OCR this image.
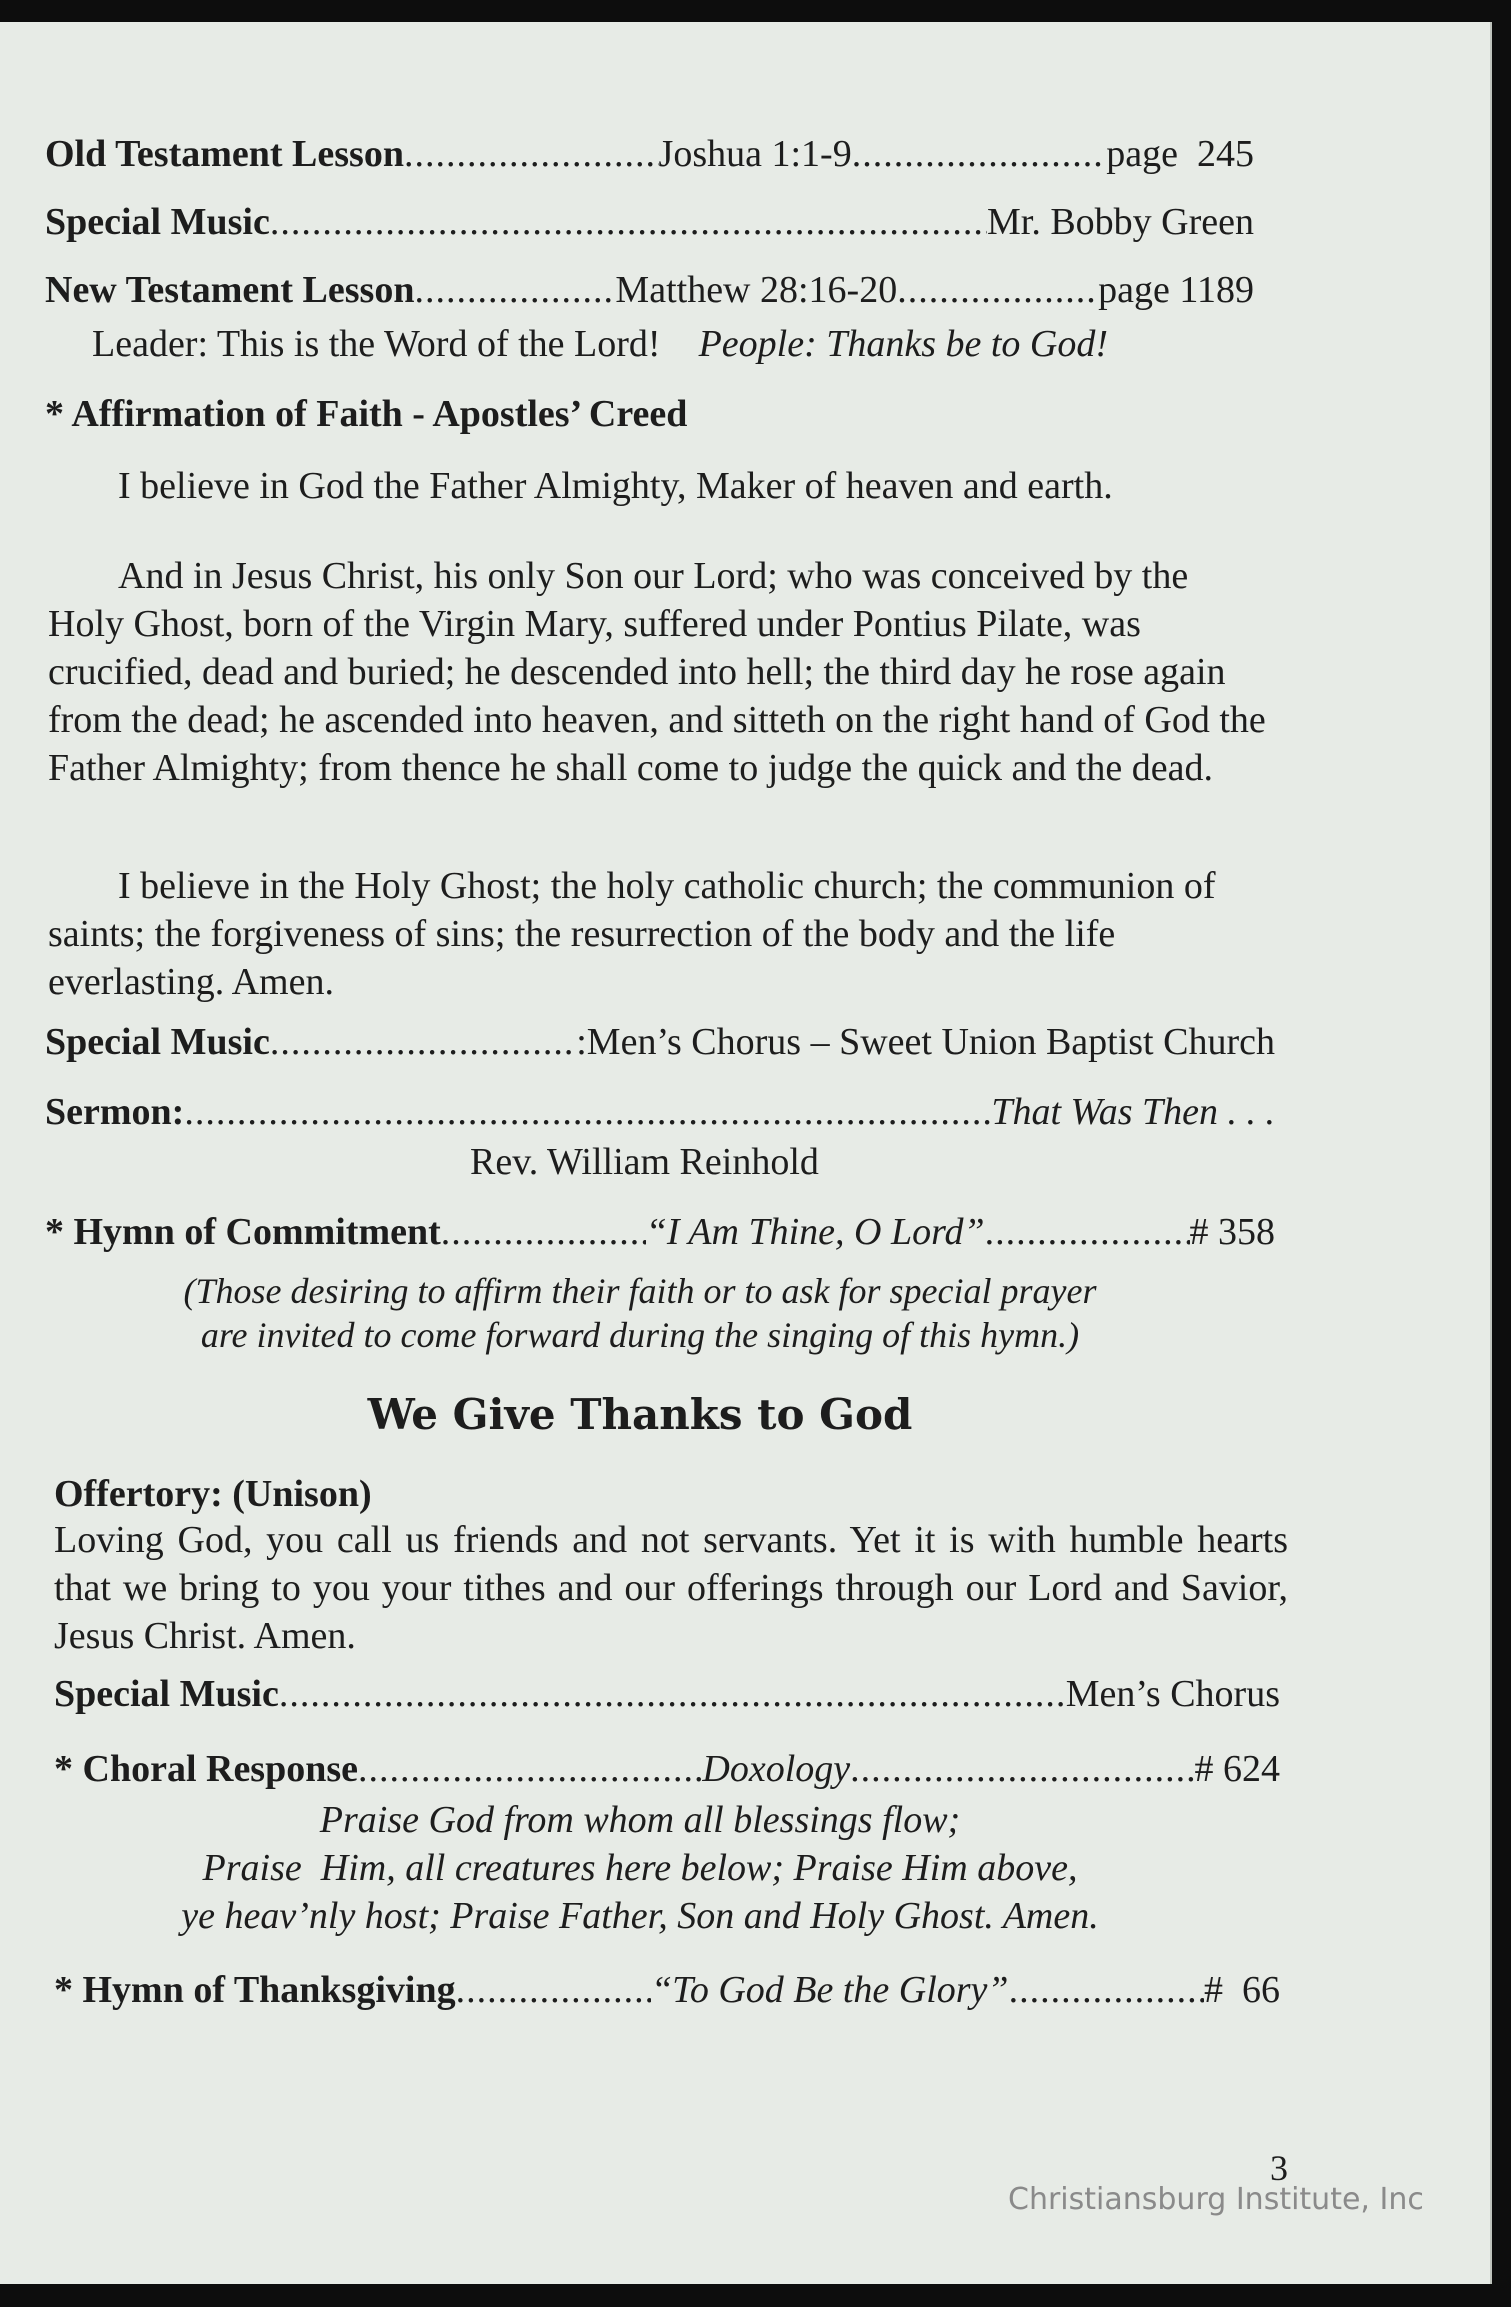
Old Testament Lesson .....	Joshua 1:1-9 .....	page  245
Special Music .....	Mr. Bobby Green
New Testament Lesson .....	Matthew 28:16-20 .....	page 1189
Leader: This is the Word of the Lord! People: Thanks be to God!
* Affirmation of Faith - Apostles’ Creed
I believe in God the Father Almighty, Maker of heaven and earth.
And in Jesus Christ, his only Son our Lord; who was conceived by the Holy Ghost, born of the Virgin Mary, suffered under Pontius Pilate, was crucified, dead and buried; he descended into hell; the third day he rose again from the dead; he ascended into heaven, and sitteth on the right hand of God the Father Almighty; from thence he shall come to judge the quick and the dead.
I believe in the Holy Ghost; the holy catholic church; the communion of saints; the forgiveness of sins; the resurrection of the body and the life everlasting. Amen.
Special Music .....	:Men’s Chorus – Sweet Union Baptist Church
Sermon: .....	That Was Then . . .
Rev. William Reinhold
* Hymn of Commitment .....	“I Am Thine, O Lord” .....	# 358
(Those desiring to affirm their faith or to ask for special prayer
are invited to come forward during the singing of this hymn.)
We Give Thanks to God
Offertory: (Unison)
Loving God, you call us friends and not servants. Yet it is with humble hearts that we bring to you your tithes and our offerings through our Lord and Savior, Jesus Christ. Amen.
Special Music .....	Men’s Chorus
* Choral Response .....	Doxology .....	# 624
Praise God from whom all blessings flow;
Praise  Him, all creatures here below; Praise Him above,
ye heav’nly host; Praise Father, Son and Holy Ghost. Amen.
* Hymn of Thanksgiving .....	“To God Be the Glory” .....	#  66
3
Christiansburg Institute, Inc
